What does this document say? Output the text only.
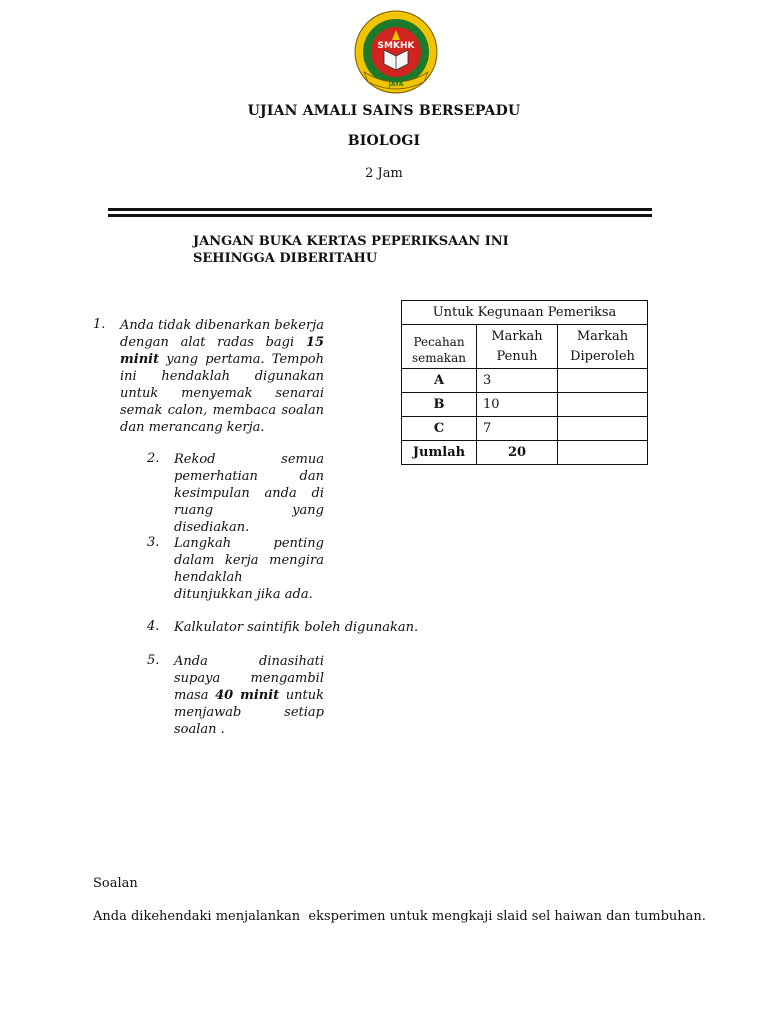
SMKHK
JAYA
UJIAN AMALI SAINS BERSEPADU
BIOLOGI
2 Jam
JANGAN BUKA KERTAS PEPERIKSAAN INI
SEHINGGA DIBERITAHU
1. Anda tidak dibenarkan bekerja dengan alat radas bagi 15 minit yang pertama. Tempoh ini hendaklah digunakan untuk menyemak senarai semak calon, membaca soalan dan merancang kerja.
2. Rekod semua pemerhatian dan kesimpulan anda di ruang yang disediakan.
3. Langkah penting dalam kerja mengira hendaklah ditunjukkan jika ada.
4. Kalkulator saintifik boleh digunakan.
5. Anda dinasihati supaya mengambil masa 40 minit untuk menjawab setiap soalan .
Untuk Kegunaan Pemeriksa		
Pecahan semakan	Markah Penuh	Markah Diperoleh
A	3	
B	10	
C	7	
Jumlah	20	
Soalan
Anda dikehendaki menjalankan  eksperimen untuk mengkaji slaid sel haiwan dan tumbuhan.
